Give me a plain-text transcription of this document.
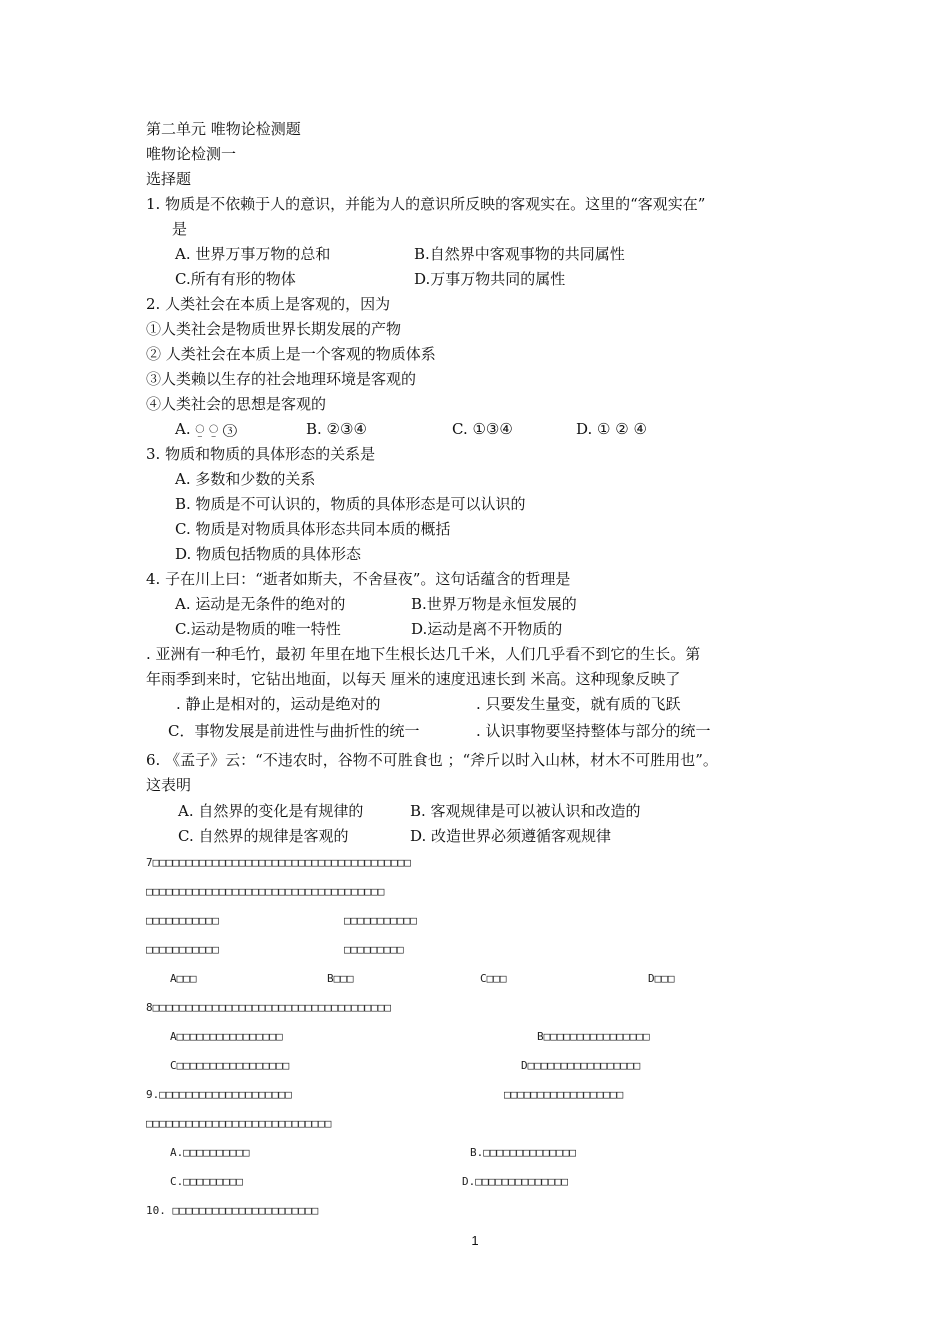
第二单元 唯物论检测题
唯物论检测一
选择题
1. 物质是不依赖于人的意识，并能为人的意识所反映的客观实在。这里的“客观实在”
是
A. 世界万事万物的总和	B.自然界中客观事物的共同属性
C.所有有形的物体	D.万事万物共同的属性
2. 人类社会在本质上是客观的，因为
①人类社会是物质世界长期发展的产物
② 人类社会在本质上是一个客观的物质体系
③人类赖以生存的社会地理环境是客观的
④人类社会的思想是客观的
A. ⍜ ⍜ ③	B. ②③④	C. ①③④	D. ① ② ④
3. 物质和物质的具体形态的关系是
A. 多数和少数的关系
B. 物质是不可认识的，物质的具体形态是可以认识的
C. 物质是对物质具体形态共同本质的概括
D. 物质包括物质的具体形态
4. 子在川上曰：“逝者如斯夫，不舍昼夜”。这句话蕴含的哲理是
A. 运动是无条件的绝对的	B.世界万物是永恒发展的
C.运动是物质的唯一特性	D.运动是离不开物质的
. 亚洲有一种毛竹，最初 年里在地下生根长达几千米，人们几乎看不到它的生长。第
年雨季到来时，它钻出地面，以每天 厘米的速度迅速长到 米高。这种现象反映了
. 静止是相对的，运动是绝对的	. 只要发生量变，就有质的飞跃
C．事物发展是前进性与曲折性的统一	. 认识事物要坚持整体与部分的统一
6. 《孟子》云：“不违农时，谷物不可胜食也 ；“斧斤以时入山林，材木不可胜用也”。
这表明
A. 自然界的变化是有规律的	B. 客观规律是可以被认识和改造的
C. 自然界的规律是客观的	D. 改造世界必须遵循客观规律
7□□□□□□□□□□□□□□□□□□□□□□□□□□□□□□□□□□□□□□□
□□□□□□□□□□□□□□□□□□□□□□□□□□□□□□□□□□□□
□□□□□□□□□□□	□□□□□□□□□□□
□□□□□□□□□□□	□□□□□□□□□
A□□□	B□□□	C□□□	D□□□
8□□□□□□□□□□□□□□□□□□□□□□□□□□□□□□□□□□□□
A□□□□□□□□□□□□□□□□	B□□□□□□□□□□□□□□□□
C□□□□□□□□□□□□□□□□□	D□□□□□□□□□□□□□□□□□
9.□□□□□□□□□□□□□□□□□□□□	□□□□□□□□□□□□□□□□□□
□□□□□□□□□□□□□□□□□□□□□□□□□□□□
A.□□□□□□□□□□	B.□□□□□□□□□□□□□□
C.□□□□□□□□□	D.□□□□□□□□□□□□□□
10. □□□□□□□□□□□□□□□□□□□□□□
1
